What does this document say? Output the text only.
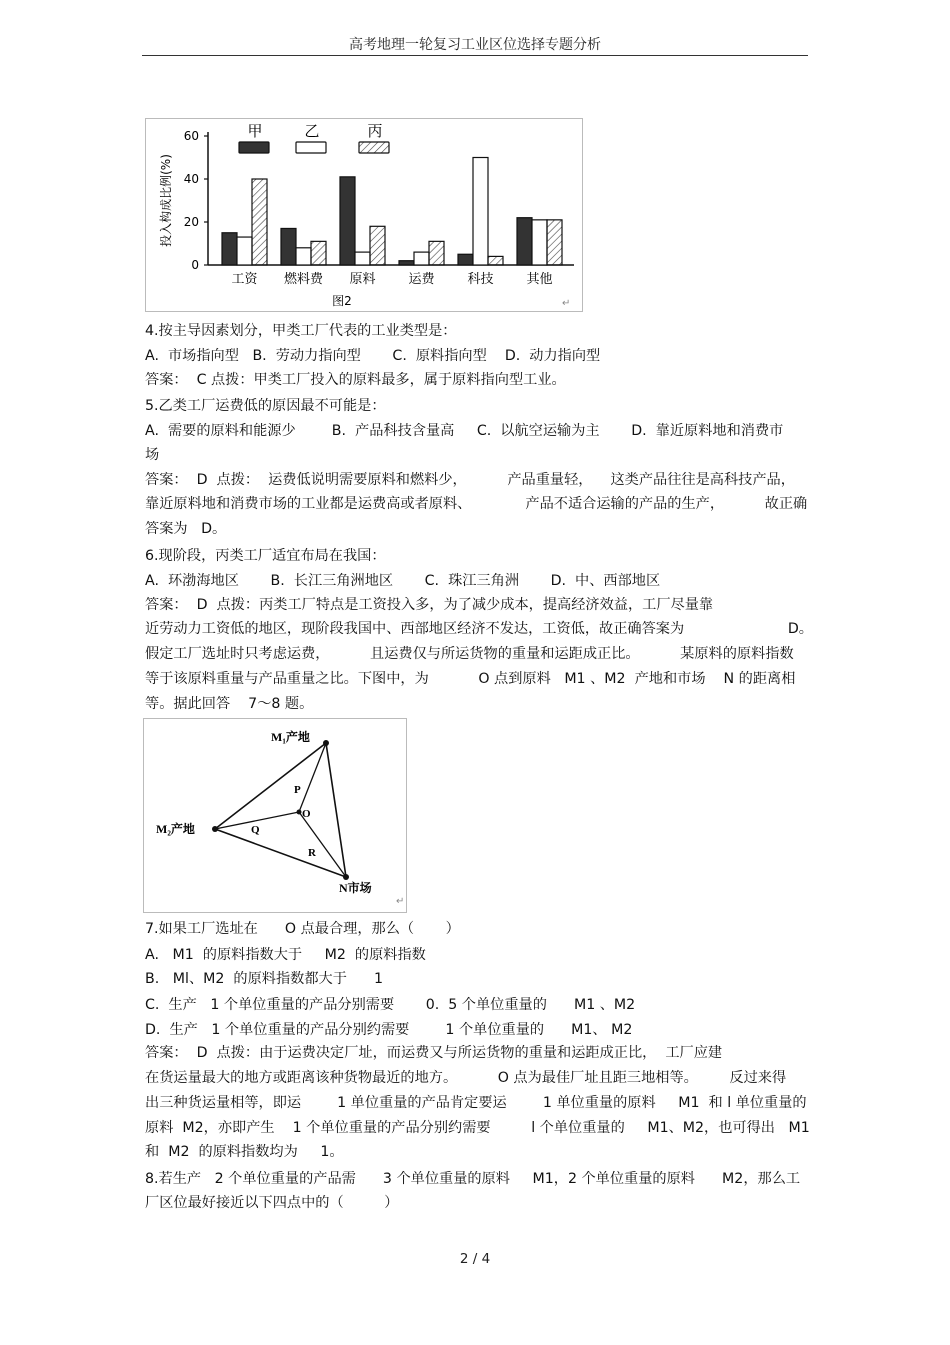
高考地理一轮复习工业区位选择专题分析
0
20
40
60
投入构成比例(%)
工资 燃料费 原料	运费	科技	其他
甲	乙	丙
图2	↵
4.按主导因素划分，甲类工厂代表的工业类型是：
A.  市场指向型   B.  劳动力指向型       C.  原料指向型    D.  动力指向型
答案：  C 点拨：甲类工厂投入的原料最多，属于原料指向型工业。
5.乙类工厂运费低的原因最不可能是：
A.  需要的原料和能源少        B.  产品科技含量高     C.  以航空运输为主       D.  靠近原料地和消费市
场
答案：  D  点拨：  运费低说明需要原料和燃料少，         产品重量轻，    这类产品往往是高科技产品，
靠近原料地和消费市场的工业都是运费高或者原料、            产品不适合运输的产品的生产，         故正确
答案为   D。
6.现阶段，丙类工厂适宜布局在我国：
A.  环渤海地区       B.  长江三角洲地区       C.  珠江三角洲       D.  中、西部地区
答案：  D  点拨：丙类工厂特点是工资投入多，为了减少成本，提高经济效益，工厂尽量靠
近劳动力工资低的地区，现阶段我国中、西部地区经济不发达，工资低，故正确答案为                       D。
假定工厂选址时只考虑运费，         且运费仅与所运货物的重量和运距成正比。         某原料的原料指数
等于该原料重量与产品重量之比。下图中，为           O 点到原料   M1 、M2  产地和市场    N 的距离相
等。据此回答    7～8 题。
M₁产地
M₂产地
N市场
O
P
Q
R
↵
7.如果工厂选址在      O 点最合理，那么（       ）
A.   M1  的原料指数大于     M2  的原料指数
B.   Ml、M2  的原料指数都大于      1
C.  生产   1 个单位重量的产品分别需要       0.  5 个单位重量的      M1 、M2
D.  生产   1 个单位重量的产品分别约需要        1 个单位重量的      M1、 M2
答案：  D  点拨：由于运费决定厂址，而运费又与所运货物的重量和运距成正比，  工厂应建
在货运量最大的地方或距离该种货物最近的地方。         O 点为最佳厂址且距三地相等。       反过来得
出三种货运量相等，即运        1 单位重量的产品肯定要运        1 单位重量的原料     M1  和 l 单位重量的
原料  M2，亦即产生    1 个单位重量的产品分别约需要         l 个单位重量的     M1、M2，也可得出   M1
和  M2  的原料指数均为     1。
8.若生产   2 个单位重量的产品需      3 个单位重量的原料     M1，2 个单位重量的原料      M2，那么工
厂区位最好接近以下四点中的（         ）
2 / 4
